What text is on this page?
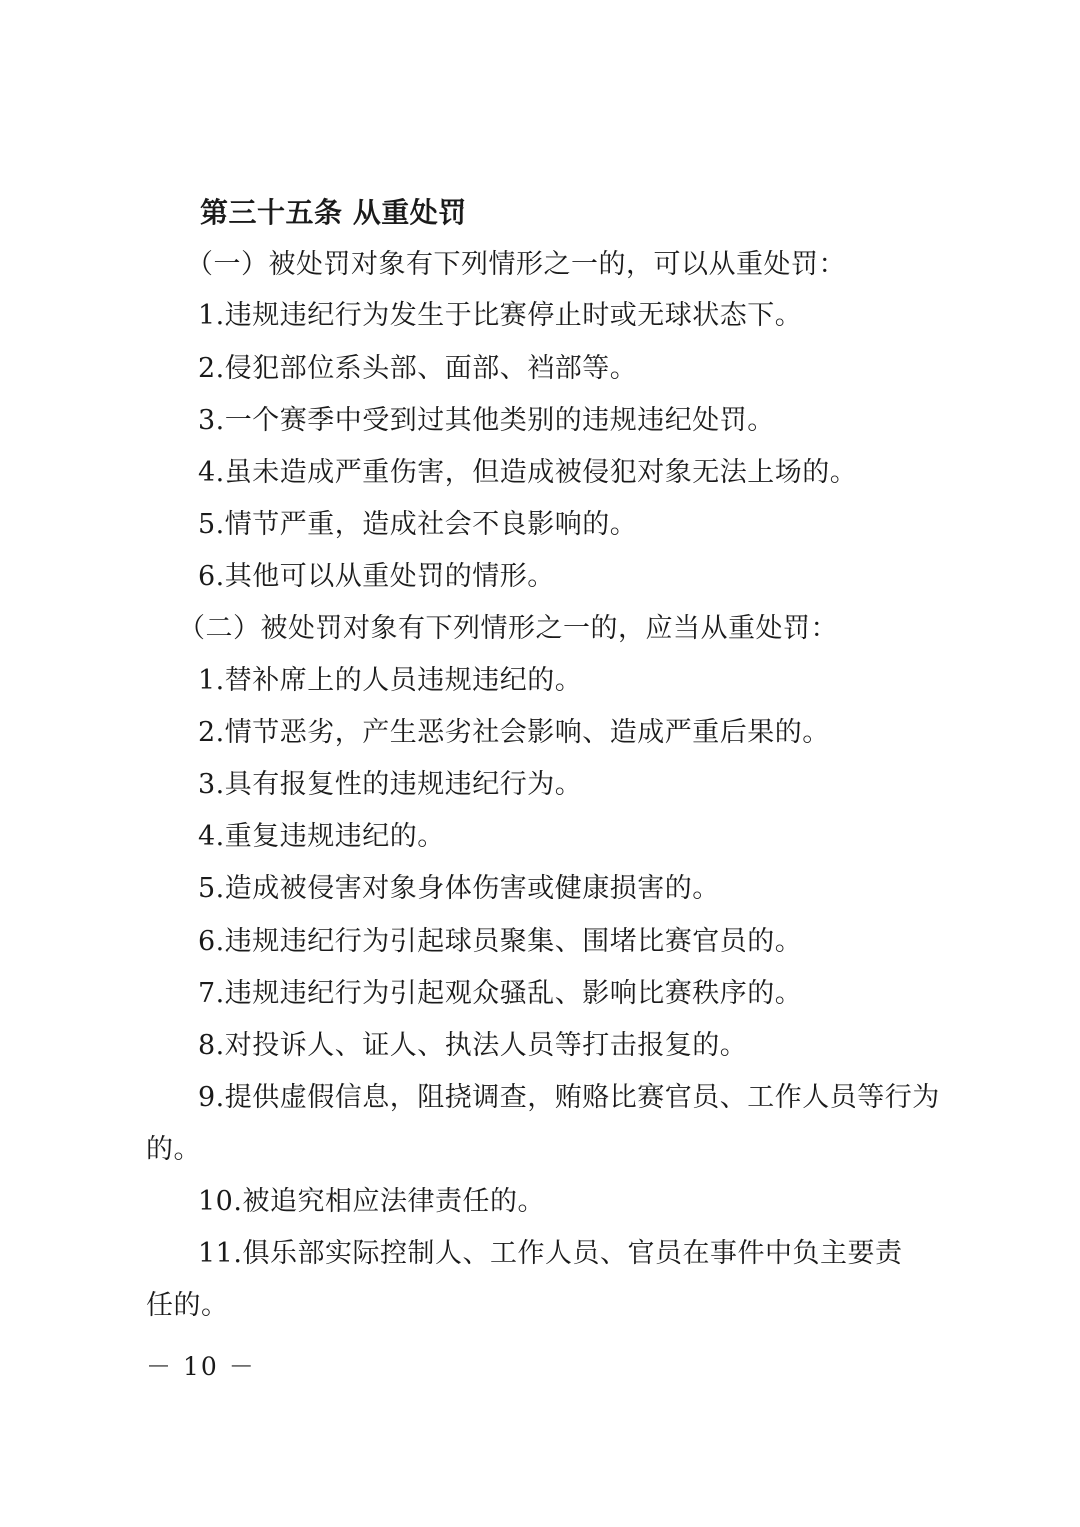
第三十五条 从重处罚
（一）被处罚对象有下列情形之一的，可以从重处罚：
1.违规违纪行为发生于比赛停止时或无球状态下。
2.侵犯部位系头部、面部、裆部等。
3.一个赛季中受到过其他类别的违规违纪处罚。
4.虽未造成严重伤害，但造成被侵犯对象无法上场的。
5.情节严重，造成社会不良影响的。
6.其他可以从重处罚的情形。
（二）被处罚对象有下列情形之一的，应当从重处罚：
1.替补席上的人员违规违纪的。
2.情节恶劣，产生恶劣社会影响、造成严重后果的。
3.具有报复性的违规违纪行为。
4.重复违规违纪的。
5.造成被侵害对象身体伤害或健康损害的。
6.违规违纪行为引起球员聚集、围堵比赛官员的。
7.违规违纪行为引起观众骚乱、影响比赛秩序的。
8.对投诉人、证人、执法人员等打击报复的。
9.提供虚假信息，阻挠调查，贿赂比赛官员、工作人员等行为
的。
10.被追究相应法律责任的。
11.俱乐部实际控制人、工作人员、官员在事件中负主要责
任的。
－ 10 －
